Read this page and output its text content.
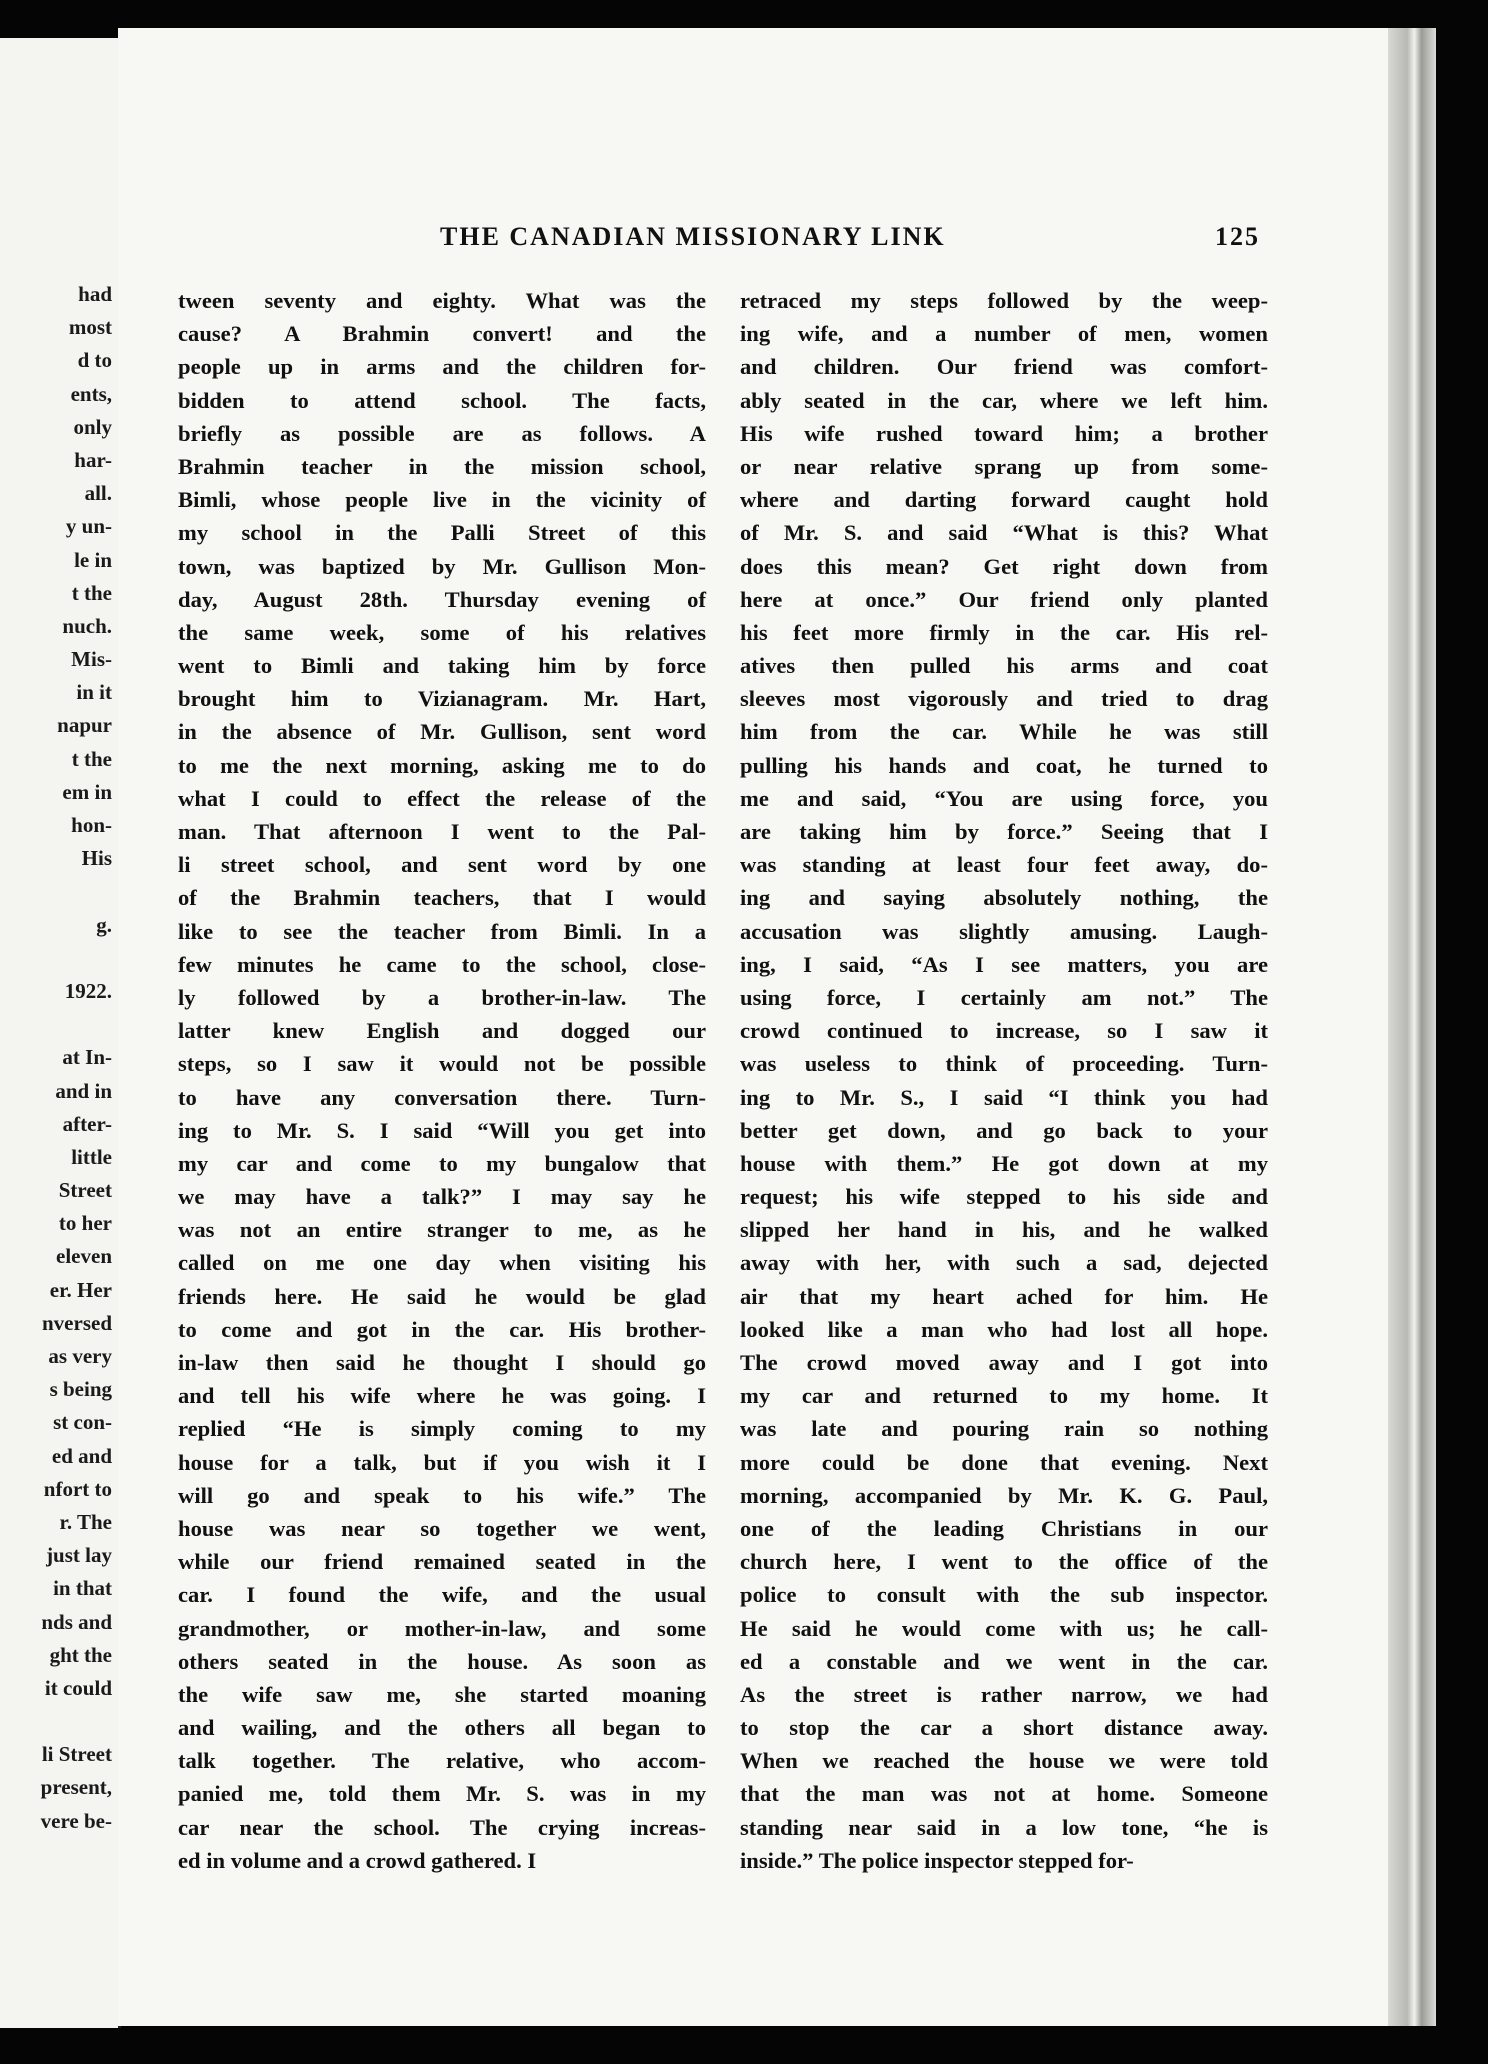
had
most
d to
ents,
only
har-
all.
y un-
le in
t the
nuch.
Mis-
in it
napur
t the
em in
hon-
His
g.
1922.
at In-
and in
after-
little
Street
to her
eleven
er. Her
nversed
as very
s being
st con-
ed and
nfort to
r. The
just lay
in that
nds and
ght the
it could
li Street
present,
vere be-
THE CANADIAN MISSIONARY LINK	125
tween seventy and eighty. What was the
cause? A Brahmin convert! and the
people up in arms and the children for-
bidden to attend school. The facts,
briefly as possible are as follows. A
Brahmin teacher in the mission school,
Bimli, whose people live in the vicinity of
my school in the Palli Street of this
town, was baptized by Mr. Gullison Mon-
day, August 28th. Thursday evening of
the same week, some of his relatives
went to Bimli and taking him by force
brought him to Vizianagram. Mr. Hart,
in the absence of Mr. Gullison, sent word
to me the next morning, asking me to do
what I could to effect the release of the
man. That afternoon I went to the Pal-
li street school, and sent word by one
of the Brahmin teachers, that I would
like to see the teacher from Bimli. In a
few minutes he came to the school, close-
ly followed by a brother-in-law. The
latter knew English and dogged our
steps, so I saw it would not be possible
to have any conversation there. Turn-
ing to Mr. S. I said “Will you get into
my car and come to my bungalow that
we may have a talk?” I may say he
was not an entire stranger to me, as he
called on me one day when visiting his
friends here. He said he would be glad
to come and got in the car. His brother-
in-law then said he thought I should go
and tell his wife where he was going. I
replied “He is simply coming to my
house for a talk, but if you wish it I
will go and speak to his wife.” The
house was near so together we went,
while our friend remained seated in the
car. I found the wife, and the usual
grandmother, or mother-in-law, and some
others seated in the house. As soon as
the wife saw me, she started moaning
and wailing, and the others all began to
talk together. The relative, who accom-
panied me, told them Mr. S. was in my
car near the school. The crying increas-
ed in volume and a crowd gathered. I
retraced my steps followed by the weep-
ing wife, and a number of men, women
and children. Our friend was comfort-
ably seated in the car, where we left him.
His wife rushed toward him; a brother
or near relative sprang up from some-
where and darting forward caught hold
of Mr. S. and said “What is this? What
does this mean? Get right down from
here at once.” Our friend only planted
his feet more firmly in the car. His rel-
atives then pulled his arms and coat
sleeves most vigorously and tried to drag
him from the car. While he was still
pulling his hands and coat, he turned to
me and said, “You are using force, you
are taking him by force.” Seeing that I
was standing at least four feet away, do-
ing and saying absolutely nothing, the
accusation was slightly amusing. Laugh-
ing, I said, “As I see matters, you are
using force, I certainly am not.” The
crowd continued to increase, so I saw it
was useless to think of proceeding. Turn-
ing to Mr. S., I said “I think you had
better get down, and go back to your
house with them.” He got down at my
request; his wife stepped to his side and
slipped her hand in his, and he walked
away with her, with such a sad, dejected
air that my heart ached for him. He
looked like a man who had lost all hope.
The crowd moved away and I got into
my car and returned to my home. It
was late and pouring rain so nothing
more could be done that evening. Next
morning, accompanied by Mr. K. G. Paul,
one of the leading Christians in our
church here, I went to the office of the
police to consult with the sub inspector.
He said he would come with us; he call-
ed a constable and we went in the car.
As the street is rather narrow, we had
to stop the car a short distance away.
When we reached the house we were told
that the man was not at home. Someone
standing near said in a low tone, “he is
inside.” The police inspector stepped for-
